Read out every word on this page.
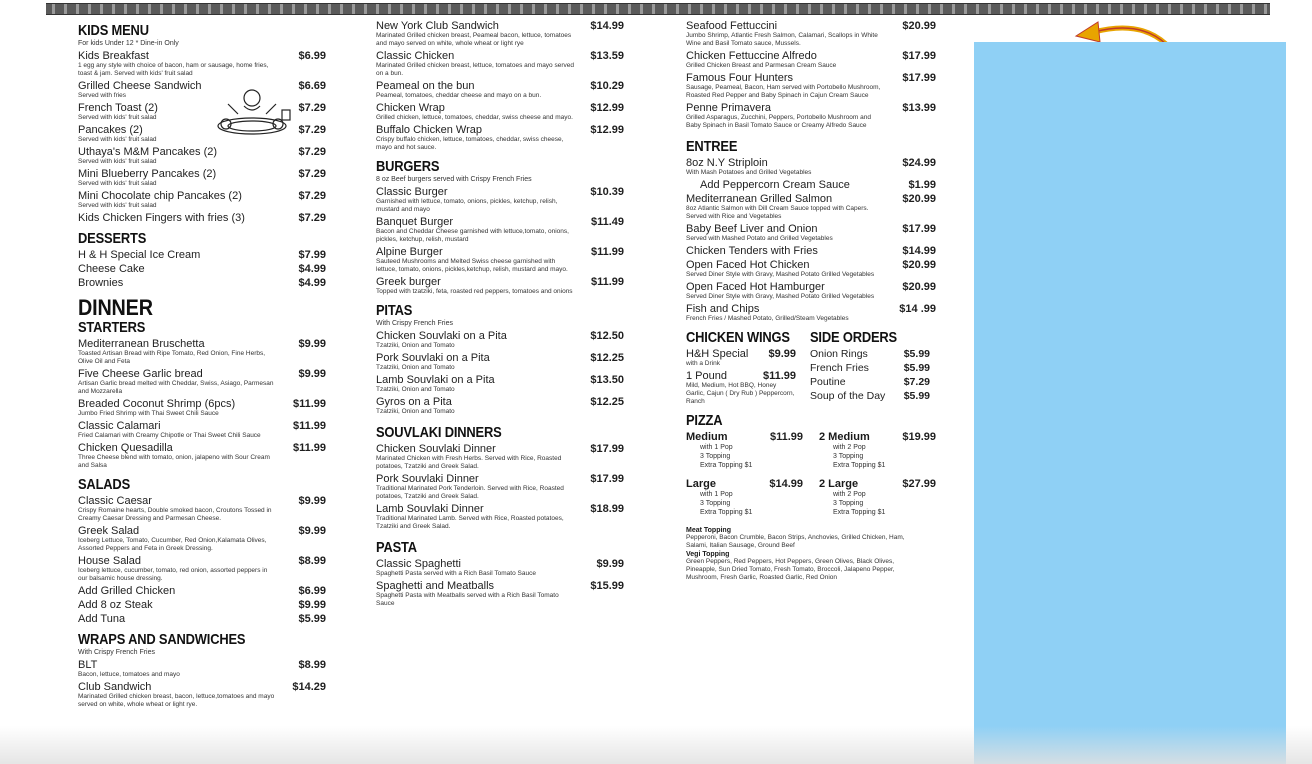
KIDS MENU
For kids Under 12 * Dine-in Only
Kids Breakfast	$6.99
1 egg any style with choice of bacon, ham or sausage, home fries, toast & jam. Served with kids' fruit salad
Grilled Cheese Sandwich	$6.69
Served with fries
French Toast (2)	$7.29
Served with kids' fruit salad
Pancakes (2)	$7.29
Served with kids' fruit salad
Uthaya's M&M Pancakes (2)	$7.29
Served with kids' fruit salad
Mini Blueberry Pancakes (2)	$7.29
Served with kids' fruit salad
Mini Chocolate chip Pancakes (2)	$7.29
Served with kids' fruit salad
Kids Chicken Fingers with fries (3)	$7.29
DESSERTS
H & H Special Ice Cream	$7.99
Cheese Cake	$4.99
Brownies	$4.99
DINNER
STARTERS
Mediterranean Bruschetta	$9.99
Toasted Artisan Bread with Ripe Tomato, Red Onion, Fine Herbs, Olive Oil and Feta
Five Cheese Garlic bread	$9.99
Artisan Garlic bread melted with Cheddar, Swiss, Asiago, Parmesan and Mozzarella
Breaded Coconut Shrimp (6pcs)	$11.99
Jumbo Fried Shrimp with Thai Sweet Chili Sauce
Classic Calamari	$11.99
Fried Calamari with Creamy Chipotle or Thai Sweet Chili Sauce
Chicken Quesadilla	$11.99
Three Cheese blend with tomato, onion, jalapeno with Sour Cream and Salsa
SALADS
Classic Caesar	$9.99
Crispy Romaine hearts, Double smoked bacon, Croutons Tossed in Creamy Caesar Dressing and Parmesan Cheese.
Greek Salad	$9.99
Iceberg Lettuce, Tomato, Cucumber, Red Onion,Kalamata Olives, Assorted Peppers and Feta in Greek Dressing.
House Salad	$8.99
Iceberg lettuce, cucumber, tomato, red onion, assorted peppers in our balsamic house dressing.
Add Grilled Chicken	$6.99
Add 8 oz Steak	$9.99
Add Tuna	$5.99
WRAPS AND SANDWICHES
With Crispy French Fries
BLT	$8.99
Bacon, lettuce, tomatoes and mayo
Club Sandwich	$14.29
Marinated Grilled chicken breast, bacon, lettuce,tomatoes and mayo served on white, whole wheat or light rye.
New York Club Sandwich	$14.99
Marinated Grilled chicken breast, Peameal bacon, lettuce, tomatoes and mayo served on white, whole wheat or light rye
Classic Chicken	$13.59
Marinated Grilled chicken breast, lettuce, tomatoes and mayo served on a bun.
Peameal on the bun	$10.29
Peameal, tomatoes, cheddar cheese and mayo on a bun.
Chicken Wrap	$12.99
Grilled chicken, lettuce, tomatoes, cheddar, swiss cheese and mayo.
Buffalo Chicken Wrap	$12.99
Crispy buffalo chicken, lettuce, tomatoes, cheddar, swiss cheese, mayo and hot sauce.
BURGERS
8 oz Beef burgers served with Crispy French Fries
Classic Burger	$10.39
Garnished with lettuce, tomato, onions, pickles, ketchup, relish, mustard and mayo
Banquet Burger	$11.49
Bacon and Cheddar Cheese garnished with lettuce,tomato, onions, pickles, ketchup, relish, mustard
Alpine Burger	$11.99
Sauteed Mushrooms and Melted Swiss cheese garnished with lettuce, tomato, onions, pickles,ketchup, relish, mustard and mayo.
Greek burger	$11.99
Topped with tzatziki, feta, roasted red peppers, tomatoes and onions
PITAS
With Crispy French Fries
Chicken Souvlaki on a Pita	$12.50
Tzatziki, Onion and Tomato
Pork Souvlaki on a Pita	$12.25
Tzatziki, Onion and Tomato
Lamb Souvlaki on a Pita	$13.50
Tzatziki, Onion and Tomato
Gyros on a Pita	$12.25
Tzatziki, Onion and Tomato
SOUVLAKI DINNERS
Chicken Souvlaki Dinner	$17.99
Marinated Chicken with Fresh Herbs. Served with Rice, Roasted potatoes, Tzatziki and Greek Salad.
Pork Souvlaki Dinner	$17.99
Traditional Marinated Pork Tenderloin. Served with Rice, Roasted potatoes, Tzatziki and Greek Salad.
Lamb Souvlaki Dinner	$18.99
Traditional Marinated Lamb. Served with Rice, Roasted potatoes, Tzatziki and Greek Salad.
PASTA
Classic Spaghetti	$9.99
Spaghetti Pasta served with a Rich Basil Tomato Sauce
Spaghetti and Meatballs	$15.99
Spaghetti Pasta with Meatballs served with a Rich Basil Tomato Sauce
Seafood Fettuccini	$20.99
Jumbo Shrimp, Atlantic Fresh Salmon, Calamari, Scallops in White Wine and Basil Tomato sauce, Mussels.
Chicken Fettuccine Alfredo	$17.99
Grilled Chicken Breast and Parmesan Cream Sauce
Famous Four Hunters	$17.99
Sausage, Peameal, Bacon, Ham served with Portobello Mushroom, Roasted Red Pepper and Baby Spinach in Cajun Cream Sauce
Penne Primavera	$13.99
Grilled Asparagus, Zucchini, Peppers, Portobello Mushroom and Baby Spinach in Basil Tomato Sauce or Creamy Alfredo Sauce
ENTREE
8oz N.Y Striploin	$24.99
With Mash Potatoes and Grilled Vegetables
Add Peppercorn Cream Sauce	$1.99
Mediterranean Grilled Salmon	$20.99
8oz Atlantic Salmon with Dill Cream Sauce topped with Capers. Served with Rice and Vegetables
Baby Beef Liver and Onion	$17.99
Served with Mashed Potato and Grilled Vegetables
Chicken Tenders with Fries	$14.99
Open Faced Hot Chicken	$20.99
Served Diner Style with Gravy, Mashed Potato Grilled Vegetables
Open Faced Hot Hamburger	$20.99
Served Diner Style with Gravy, Mashed Potato Grilled Vegetables
Fish and Chips	$14 .99
French Fries / Mashed Potato, Grilled/Steam Vegetables
CHICKEN WINGS
H&H Special $9.99
with a Drink
1 Pound	$11.99
Mild, Medium, Hot BBQ, Honey Garlic, Cajun ( Dry Rub ) Peppercorn, Ranch
SIDE ORDERS
Onion Rings	$5.99
French Fries	$5.99
Poutine	$7.29
Soup of the Day $5.99
PIZZA
Medium	$11.99
with 1 Pop
3 Topping
Extra Topping $1
2 Medium	$19.99
with 2 Pop
3 Topping
Extra Topping $1
Large	$14.99
with 1 Pop
3 Topping
Extra Topping $1
2 Large	$27.99
with 2 Pop
3 Topping
Extra Topping $1
Meat Topping
Pepperoni, Bacon Crumble, Bacon Strips, Anchovies, Grilled Chicken, Ham, Salami, Italian Sausage, Ground Beef
Vegi Topping
Green Peppers, Red Peppers, Hot Peppers, Green Olives, Black Olives, Pineapple, Sun Dried Tomato, Fresh Tomato, Broccoli, Jalapeno Pepper, Mushroom, Fresh Garlic, Roasted Garlic, Red Onion
